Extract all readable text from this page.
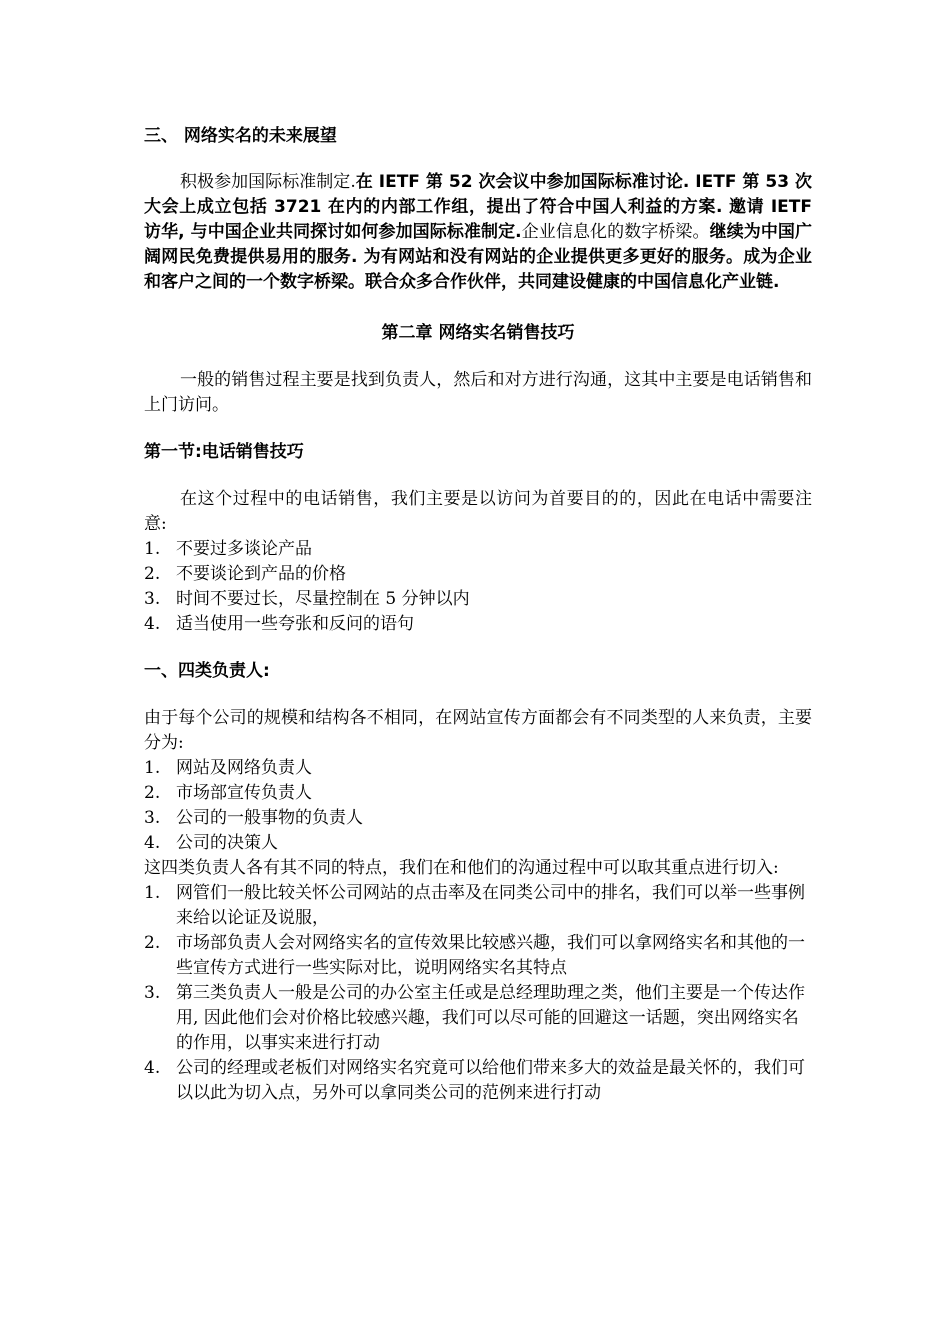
三、 网络实名的未来展望

积极参加国际标准制定.在 IETF 第 52 次会议中参加国际标准讨论. IETF 第 53 次大会上成立包括 3721 在内的内部工作组，提出了符合中国人利益的方案. 邀请 IETF 访华, 与中国企业共同探讨如何参加国际标准制定.企业信息化的数字桥梁。继续为中国广阔网民免费提供易用的服务. 为有网站和没有网站的企业提供更多更好的服务。成为企业和客户之间的一个数字桥梁。联合众多合作伙伴，共同建设健康的中国信息化产业链.

第二章 网络实名销售技巧

一般的销售过程主要是找到负责人，然后和对方进行沟通，这其中主要是电话销售和上门访问。

第一节:电话销售技巧

在这个过程中的电话销售，我们主要是以访问为首要目的的，因此在电话中需要注意:

1. 不要过多谈论产品
2. 不要谈论到产品的价格
3. 时间不要过长，尽量控制在 5 分钟以内
4. 适当使用一些夸张和反问的语句

一、四类负责人:

由于每个公司的规模和结构各不相同，在网站宣传方面都会有不同类型的人来负责，主要分为:

1. 网站及网络负责人
2. 市场部宣传负责人
3. 公司的一般事物的负责人
4. 公司的决策人

这四类负责人各有其不同的特点，我们在和他们的沟通过程中可以取其重点进行切入:

1. 网管们一般比较关怀公司网站的点击率及在同类公司中的排名，我们可以举一些事例来给以论证及说服，
2. 市场部负责人会对网络实名的宣传效果比较感兴趣，我们可以拿网络实名和其他的一些宣传方式进行一些实际对比，说明网络实名其特点
3. 第三类负责人一般是公司的办公室主任或是总经理助理之类，他们主要是一个传达作用, 因此他们会对价格比较感兴趣，我们可以尽可能的回避这一话题，突出网络实名的作用，以事实来进行打动
4. 公司的经理或老板们对网络实名究竟可以给他们带来多大的效益是最关怀的，我们可以以此为切入点，另外可以拿同类公司的范例来进行打动
